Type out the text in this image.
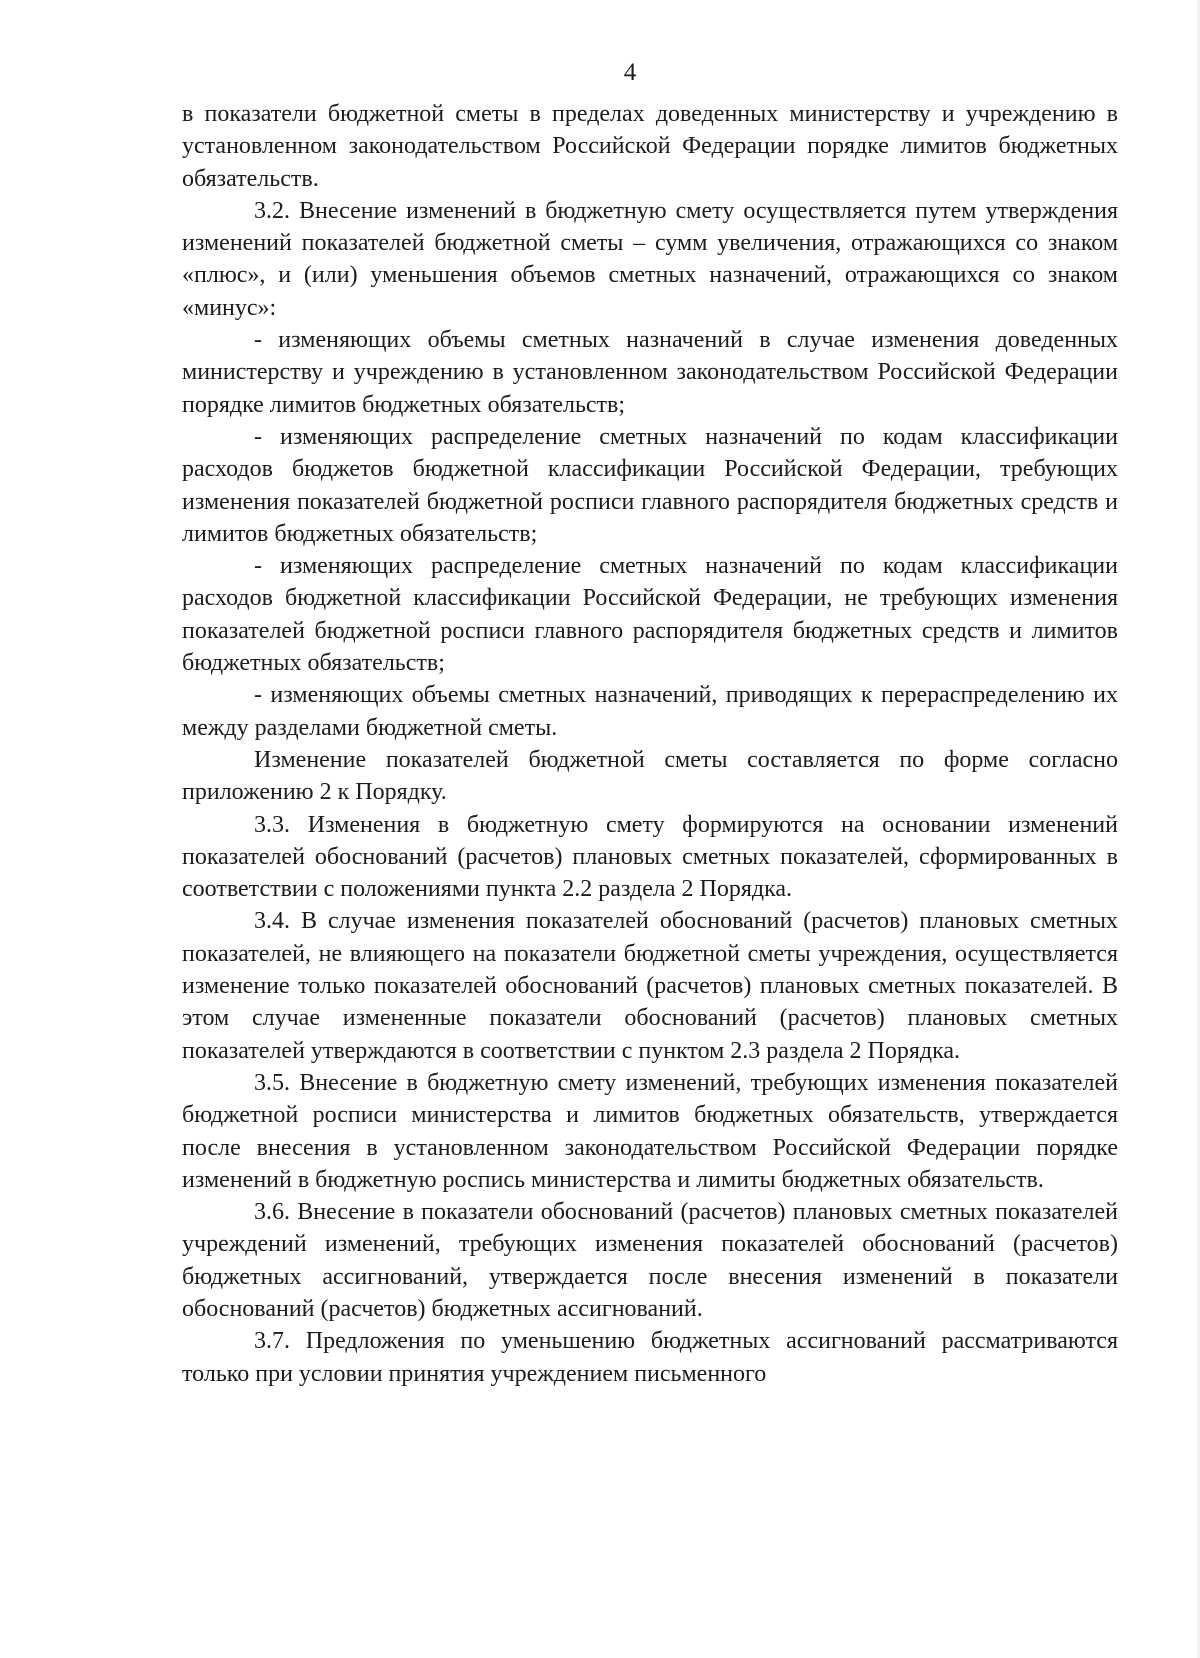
4

в показатели бюджетной сметы в пределах доведенных министерству и учреждению в установленном законодательством Российской Федерации порядке лимитов бюджетных обязательств.

3.2. Внесение изменений в бюджетную смету осуществляется путем утверждения изменений показателей бюджетной сметы – сумм увеличения, отражающихся со знаком «плюс», и (или) уменьшения объемов сметных назначений, отражающихся со знаком «минус»:

- изменяющих объемы сметных назначений в случае изменения доведенных министерству и учреждению в установленном законодательством Российской Федерации порядке лимитов бюджетных обязательств;

- изменяющих распределение сметных назначений по кодам классификации расходов бюджетов бюджетной классификации Российской Федерации, требующих изменения показателей бюджетной росписи главного распорядителя бюджетных средств и лимитов бюджетных обязательств;

- изменяющих распределение сметных назначений по кодам классификации расходов бюджетной классификации Российской Федерации, не требующих изменения показателей бюджетной росписи главного распорядителя бюджетных средств и лимитов бюджетных обязательств;

- изменяющих объемы сметных назначений, приводящих к перераспределению их между разделами бюджетной сметы.

Изменение показателей бюджетной сметы составляется по форме согласно приложению 2 к Порядку.

3.3. Изменения в бюджетную смету формируются на основании изменений показателей обоснований (расчетов) плановых сметных показателей, сформированных в соответствии с положениями пункта 2.2 раздела 2 Порядка.

3.4. В случае изменения показателей обоснований (расчетов) плановых сметных показателей, не влияющего на показатели бюджетной сметы учреждения, осуществляется изменение только показателей обоснований (расчетов) плановых сметных показателей. В этом случае измененные показатели обоснований (расчетов) плановых сметных показателей утверждаются в соответствии с пунктом 2.3 раздела 2 Порядка.

3.5. Внесение в бюджетную смету изменений, требующих изменения показателей бюджетной росписи министерства и лимитов бюджетных обязательств, утверждается после внесения в установленном законодательством Российской Федерации порядке изменений в бюджетную роспись министерства и лимиты бюджетных обязательств.

3.6. Внесение в показатели обоснований (расчетов) плановых сметных показателей учреждений изменений, требующих изменения показателей обоснований (расчетов) бюджетных ассигнований, утверждается после внесения изменений в показатели обоснований (расчетов) бюджетных ассигнований.

3.7. Предложения по уменьшению бюджетных ассигнований рассматриваются только при условии принятия учреждением письменного
